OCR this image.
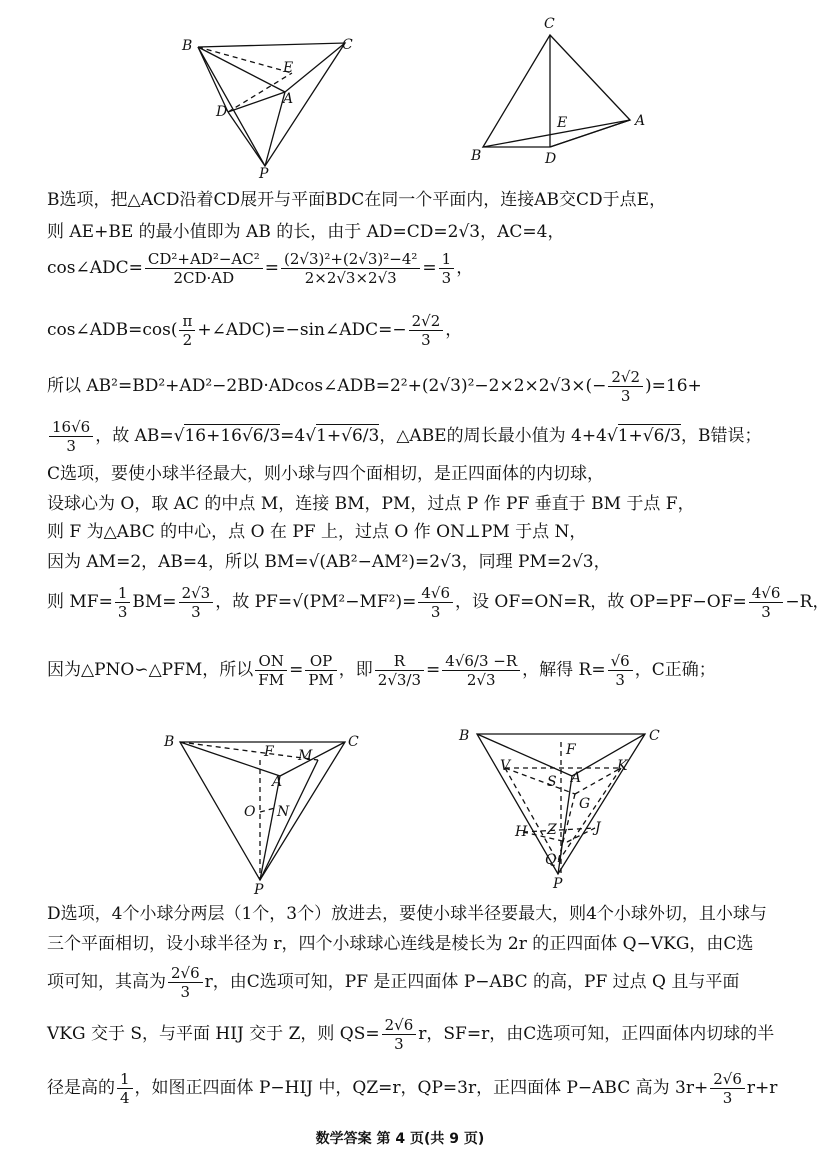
B	C
E
A
D
P
C
E	A
B	D
B选项，把△ACD沿着CD展开与平面BDC在同一个平面内，连接AB交CD于点E，
则 AE+BE 的最小值即为 AB 的长，由于 AD=CD=2√3，AC=4，
cos∠ADC= $\frac{\text{CD²+AD²−AC²}}{2CD\cdot AD} = \frac{\text{(2√3)²+(2√3)²−4²}}{2\times 2√3\times 2√3} = \frac{1}{3}$ ，
cos∠ADB=cos( $\frac{\pi}{2}$ +∠ADC)=−sin∠ADC=− $\frac{2√2}{3}$ ，
所以 AB²=BD²+AD²−2BD·ADcos∠ADB=2²+(2√3)²−2×2×2√3×(− $\frac{2√2}{3} )=16+$
$\frac{16√6}{3}$ ，故 AB=√16+16√6/3=4√1+√6/3，△ABE的周长最小值为 4+4√1+√6/3，B错误；
C选项，要使小球半径最大，则小球与四个面相切，是正四面体的内切球，
设球心为 O，取 AC 的中点 M，连接 BM，PM，过点 P 作 PF 垂直于 BM 于点 F，
则 F 为△ABC 的中心，点 O 在 PF 上，过点 O 作 ON⊥PM 于点 N，
因为 AM=2，AB=4，所以 BM=√(AB²−AM²)=2√3，同理 PM=2√3，
则 $MF= \frac{1}{3} BM= \frac{2√3}{3}$ ，故 $PF=√(PM^2-MF^2)= \frac{4√6}{3}$ ，设 OF=ON=R，故 $OP=PF-OF= \frac{4√6}{3} -R$，
因为△PNO∽△PFM，所以 $\frac{ON}{FM} = \frac{OP}{PM}$ ，即 $\frac{R}{2√3/3} = \frac{4√6/3 -R}{2√3}$ ，解得 $R= \frac{√6}{3}$ ，C正确；
B
F M
C
A
O N
P
B
F
C
V
S A
K
G
H Z	J
Q
P
D选项，4个小球分两层（1个，3个）放进去，要使小球半径要最大，则4个小球外切，且小球与
三个平面相切，设小球半径为 r，四个小球球心连线是棱长为 2r 的正四面体 Q−VKG，由C选
项可知，其高为 $\frac{2√6}{3}$ r，由C选项可知，PF 是正四面体 P−ABC 的高，PF 过点 Q 且与平面
VKG 交于 S，与平面 HIJ 交于 Z，则 $QS= \frac{2√6}{3}$ r，SF=r，由C选项可知，正四面体内切球的半
径是高的 $\frac{1}{4}$ ，如图正四面体 P−HIJ 中，QZ=r，QP=3r，正四面体 P−ABC 高为 $3r+ \frac{2√6}{3} r+r$
数学答案 第 4 页(共 9 页)
